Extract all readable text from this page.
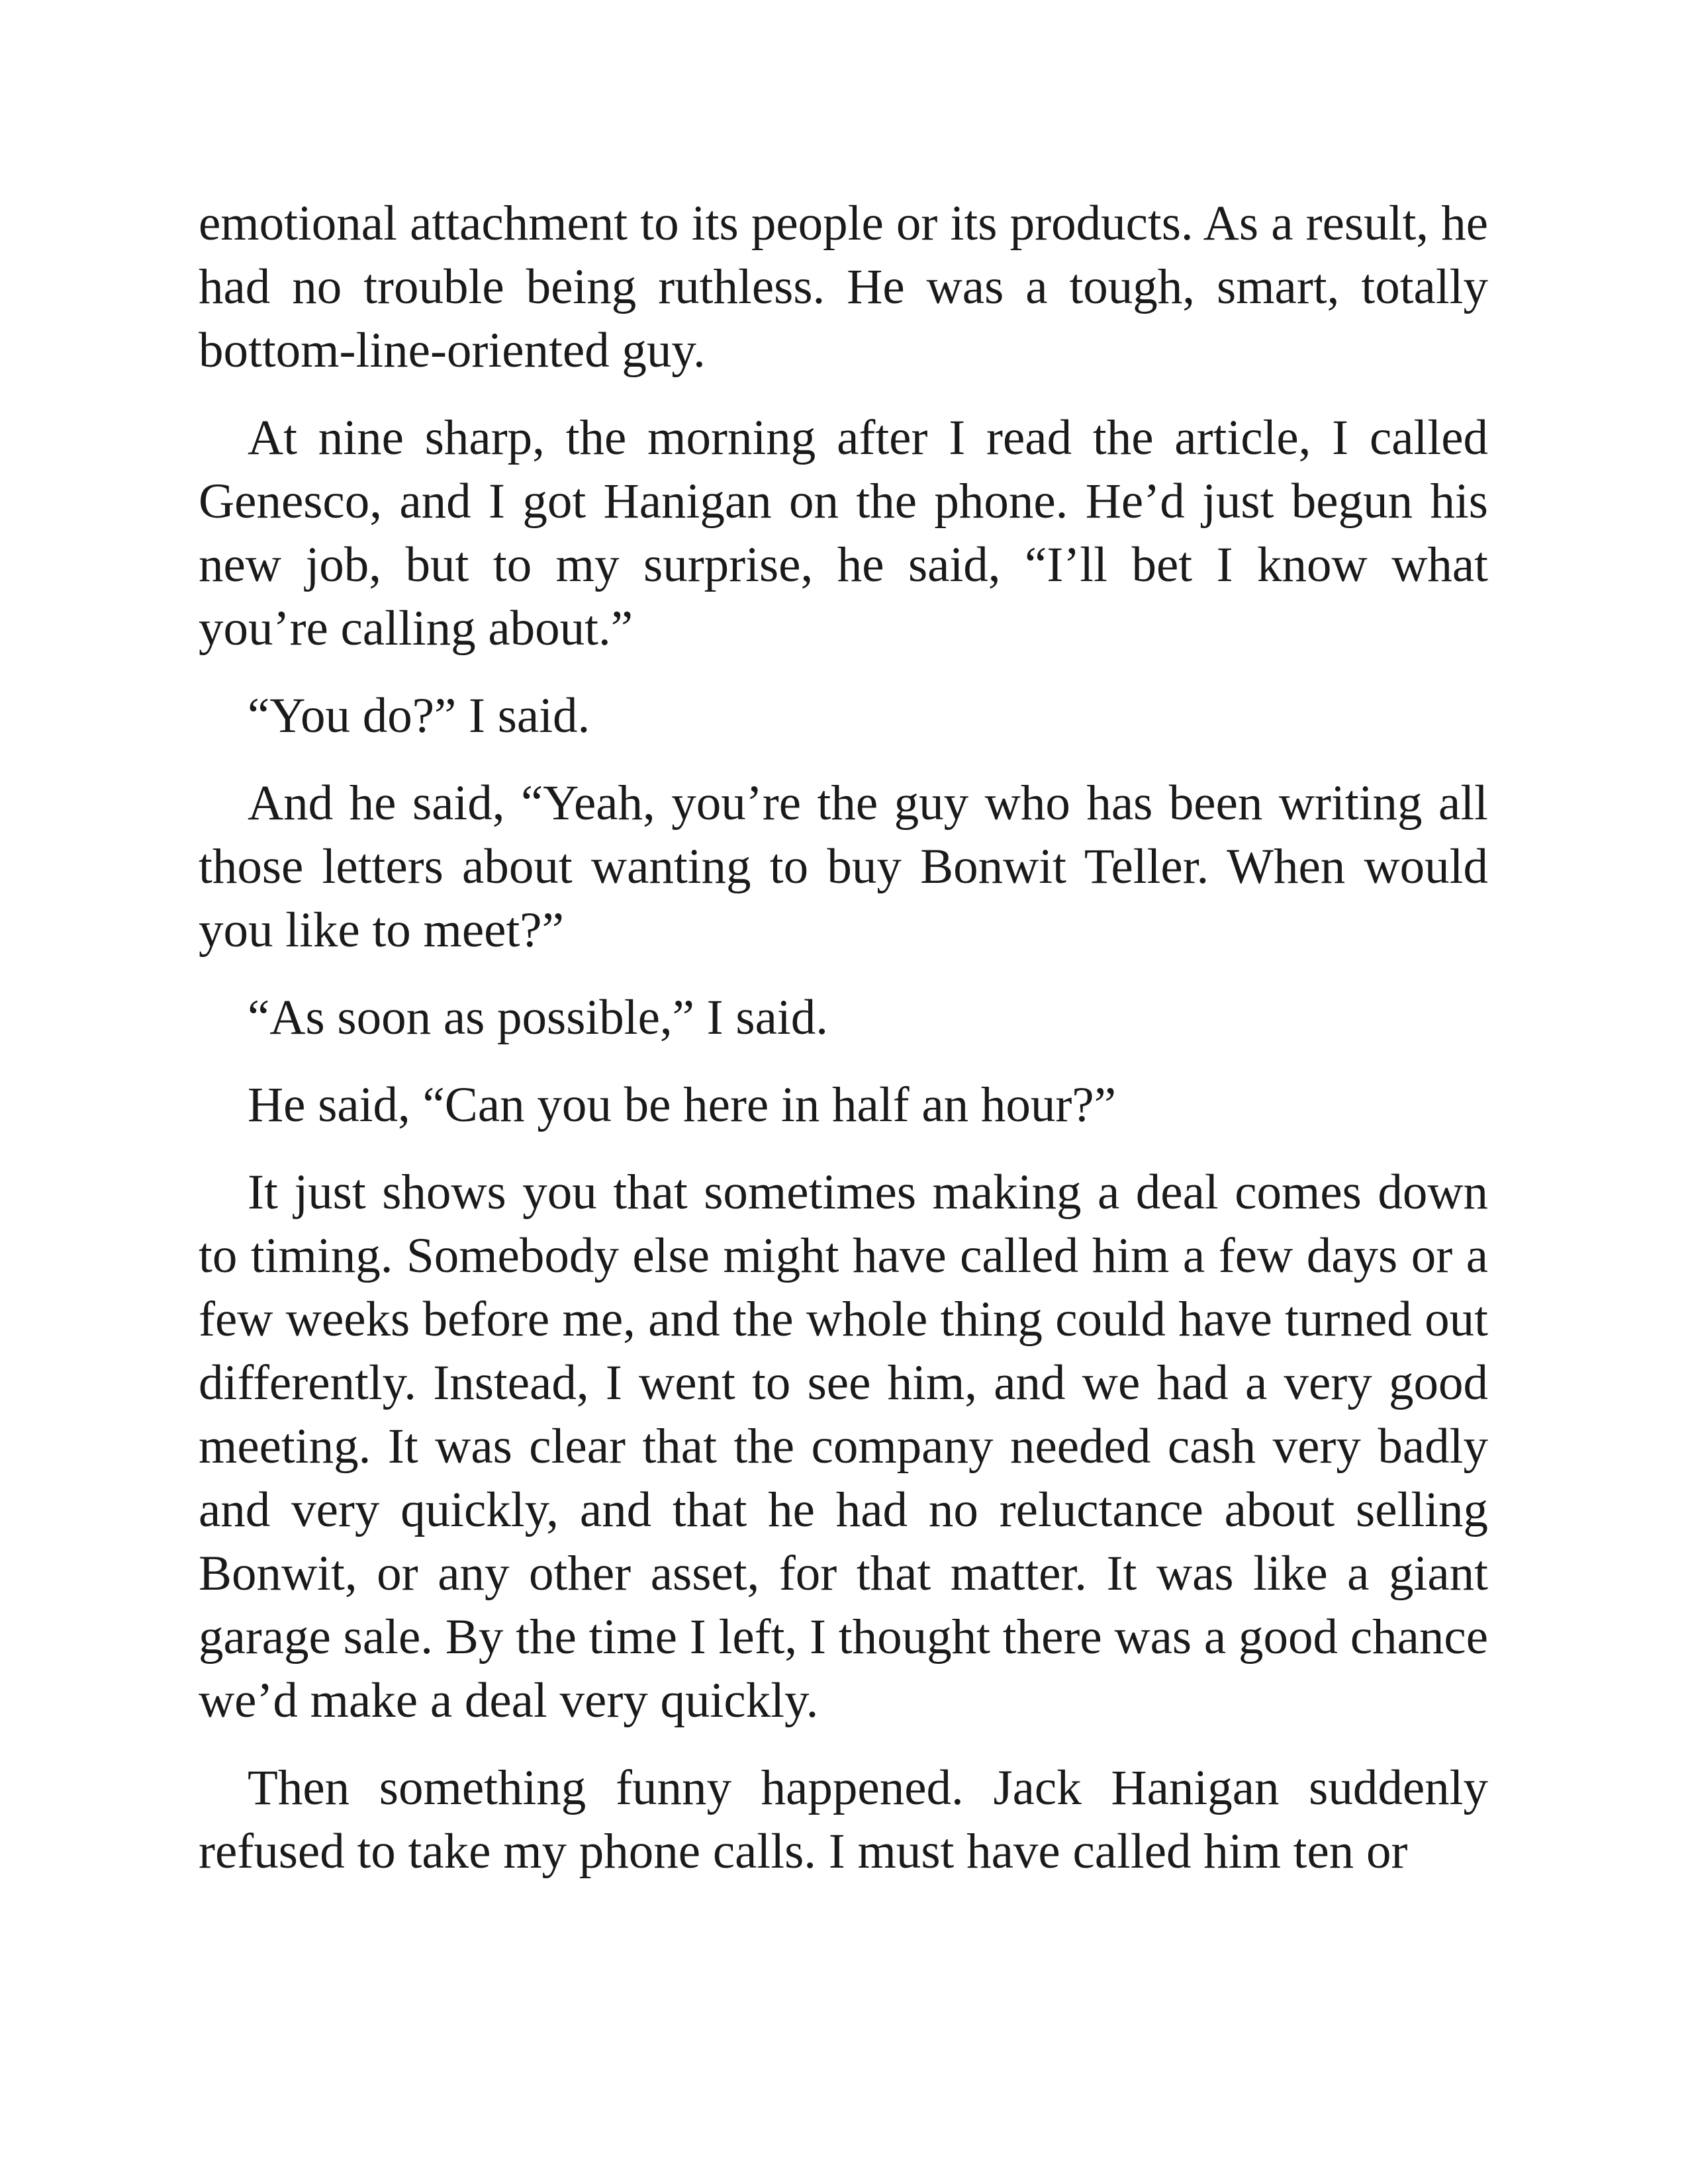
emotional attachment to its people or its products. As a result, he had no trouble being ruthless. He was a tough, smart, totally bottom-line-oriented guy.

At nine sharp, the morning after I read the article, I called Genesco, and I got Hanigan on the phone. He’d just begun his new job, but to my surprise, he said, “I’ll bet I know what you’re calling about.”

“You do?” I said.

And he said, “Yeah, you’re the guy who has been writing all those letters about wanting to buy Bonwit Teller. When would you like to meet?”

“As soon as possible,” I said.

He said, “Can you be here in half an hour?”

It just shows you that sometimes making a deal comes down to timing. Somebody else might have called him a few days or a few weeks before me, and the whole thing could have turned out differently. Instead, I went to see him, and we had a very good meeting. It was clear that the company needed cash very badly and very quickly, and that he had no reluctance about selling Bonwit, or any other asset, for that matter. It was like a giant garage sale. By the time I left, I thought there was a good chance we’d make a deal very quickly.

Then something funny happened. Jack Hanigan suddenly refused to take my phone calls. I must have called him ten or
